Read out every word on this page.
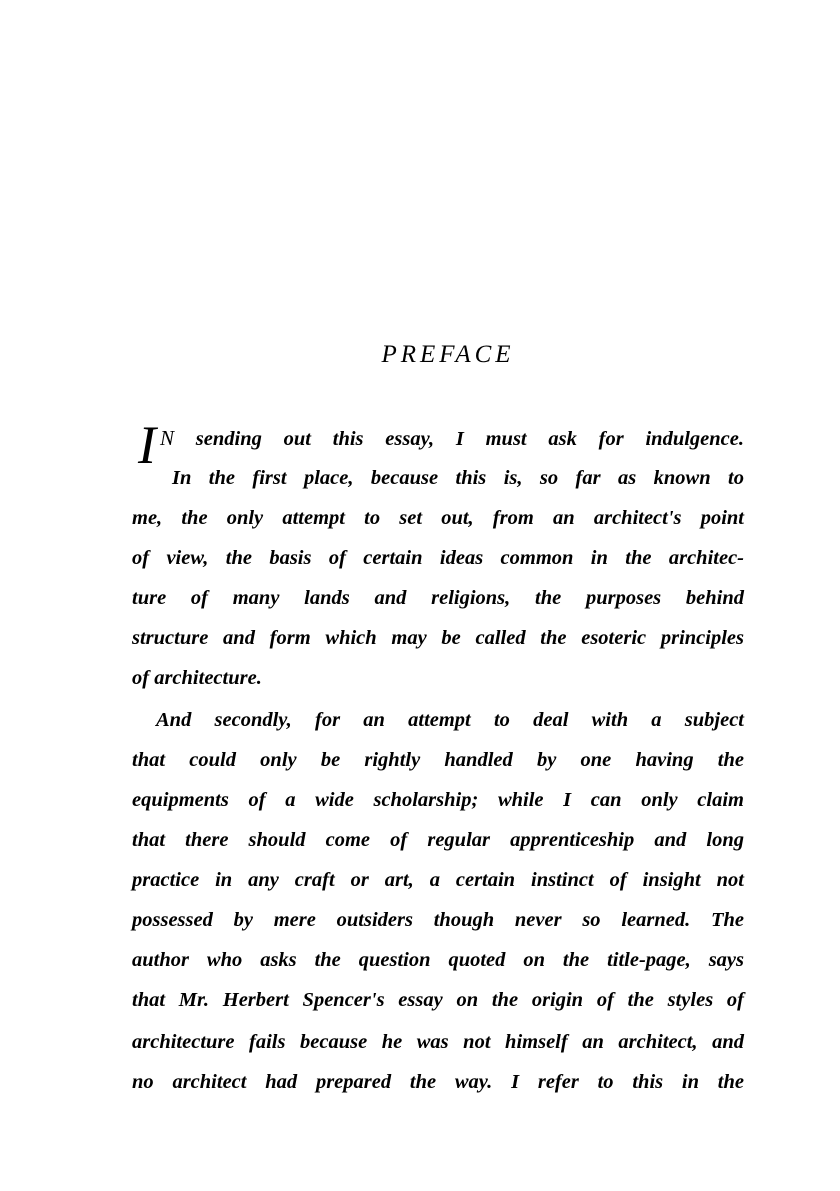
PREFACE
I N sending out this essay, I must ask for indulgence.
In the first place, because this is, so far as known to
me, the only attempt to set out, from an architect's point
of view, the basis of certain ideas common in the architec-
ture of many lands and religions, the purposes behind
structure and form which may be called the esoteric principles
of architecture.
And secondly, for an attempt to deal with a subject
that could only be rightly handled by one having the
equipments of a wide scholarship; while I can only claim
that there should come of regular apprenticeship and long
practice in any craft or art, a certain instinct of insight not
possessed by mere outsiders though never so learned. The
author who asks the question quoted on the title-page, says
that Mr. Herbert Spencer's essay on the origin of the styles of
architecture fails because he was not himself an architect, and
no architect had prepared the way. I refer to this in the
